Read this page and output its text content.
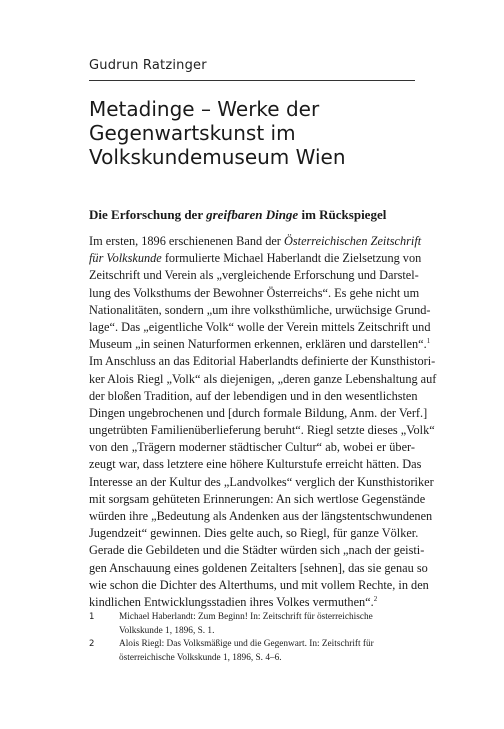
Gudrun Ratzinger
Metadinge – Werke der
Gegenwartskunst im
Volkskundemuseum Wien
Die Erforschung der greifbaren Dinge im Rückspiegel
Im ersten, 1896 erschienenen Band der Österreichischen Zeitschrift
für Volkskunde formulierte Michael Haberlandt die Zielsetzung von
Zeitschrift und Verein als „vergleichende Erforschung und Darstel-
lung des Volksthums der Bewohner Österreichs“. Es gehe nicht um
Nationalitäten, sondern „um ihre volksthümliche, urwüchsige Grund-
lage“. Das „eigentliche Volk“ wolle der Verein mittels Zeitschrift und
Museum „in seinen Naturformen erkennen, erklären und darstellen“.$^1$
Im Anschluss an das Editorial Haberlandts definierte der Kunsthistori-
ker Alois Riegl „Volk“ als diejenigen, „deren ganze Lebenshaltung auf
der bloßen Tradition, auf der lebendigen und in den wesentlichsten
Dingen ungebrochenen und [durch formale Bildung, Anm. der Verf.]
ungetrübten Familienüberlieferung beruht“. Riegl setzte dieses „Volk“
von den „Trägern moderner städtischer Cultur“ ab, wobei er über-
zeugt war, dass letztere eine höhere Kulturstufe erreicht hätten. Das
Interesse an der Kultur des „Landvolkes“ verglich der Kunsthistoriker
mit sorgsam gehüteten Erinnerungen: An sich wertlose Gegenstände
würden ihre „Bedeutung als Andenken aus der längstentschwundenen
Jugendzeit“ gewinnen. Dies gelte auch, so Riegl, für ganze Völker.
Gerade die Gebildeten und die Städter würden sich „nach der geisti-
gen Anschauung eines goldenen Zeitalters [sehnen], das sie genau so
wie schon die Dichter des Alterthums, und mit vollem Rechte, in den
kindlichen Entwicklungsstadien ihres Volkes vermuthen“.$^2$
1	Michael Haberlandt: Zum Beginn! In: Zeitschrift für österreichische
Volkskunde 1, 1896, S. 1.
2	Alois Riegl: Das Volksmäßige und die Gegenwart. In: Zeitschrift für
österreichische Volkskunde 1, 1896, S. 4–6.
